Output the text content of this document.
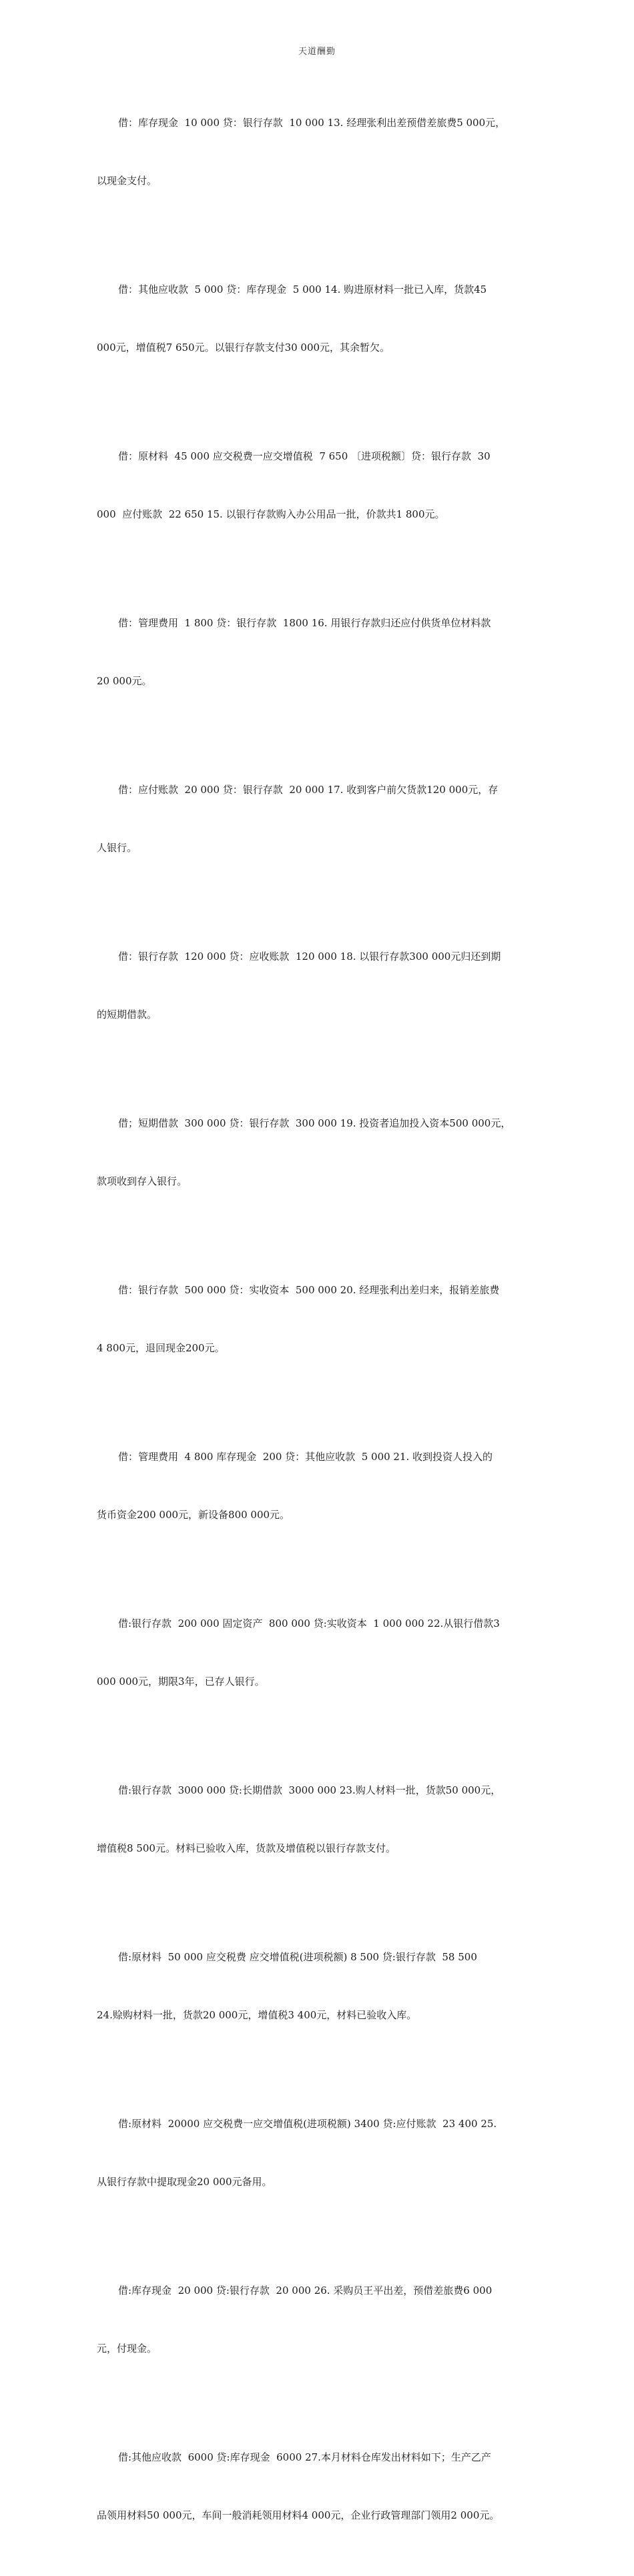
天道酬勤

借：库存现金  10 000 贷：银行存款  10 000 13. 经理张利出差预借差旅费5 000元，

以现金支付。

借：其他应收款  5 000 贷：库存现金  5 000 14. 购进原材料一批已入库，货款45

000元，增值税7 650元。以银行存款支付30 000元，其余暂欠。

借：原材料  45 000 应交税费一应交增值税  7 650 〔进项税额〕贷：银行存款  30

000  应付账款  22 650 15. 以银行存款购入办公用品一批，价款共1 800元。

借：管理费用  1 800 贷：银行存款  1800 16. 用银行存款归还应付供货单位材料款

20 000元。

借：应付账款  20 000 贷：银行存款  20 000 17. 收到客户前欠货款120 000元，存

人银行。

借：银行存款  120 000 贷：应收账款  120 000 18. 以银行存款300 000元归还到期

的短期借款。

借；短期借款  300 000 贷：银行存款  300 000 19. 投资者追加投入资本500 000元，

款项收到存入银行。

借：银行存款  500 000 贷：实收资本  500 000 20. 经理张利出差归来，报销差旅费

4 800元，退回现金200元。

借：管理费用  4 800 库存现金  200 贷：其他应收款  5 000 21. 收到投资人投入的

货币资金200 000元，新设备800 000元。

借:银行存款  200 000 固定资产  800 000 贷:实收资本  1 000 000 22.从银行借款3

000 000元，期限3年，已存人银行。

借:银行存款  3000 000 贷:长期借款  3000 000 23.购人材料一批，货款50 000元，

增值税8 500元。材料已验收入库，货款及增值税以银行存款支付。

借:原材料  50 000 应交税费 应交增值税(进项税额) 8 500 贷:银行存款  58 500

24.赊购材料一批，货款20 000元，增值税3 400元，材料已验收入库。

借:原材料  20000 应交税费一应交增值税(进项税额) 3400 贷:应付账款  23 400 25.

从银行存款中提取现金20 000元备用。

借:库存现金  20 000 贷:银行存款  20 000 26. 采购员王平出差，预借差旅费6 000

元，付现金。

借:其他应收款  6000 贷:库存现金  6000 27.本月材料仓库发出材料如下；生产乙产

品领用材料50 000元，车间一般消耗领用材料4 000元，企业行政管理部门领用2 000元。
